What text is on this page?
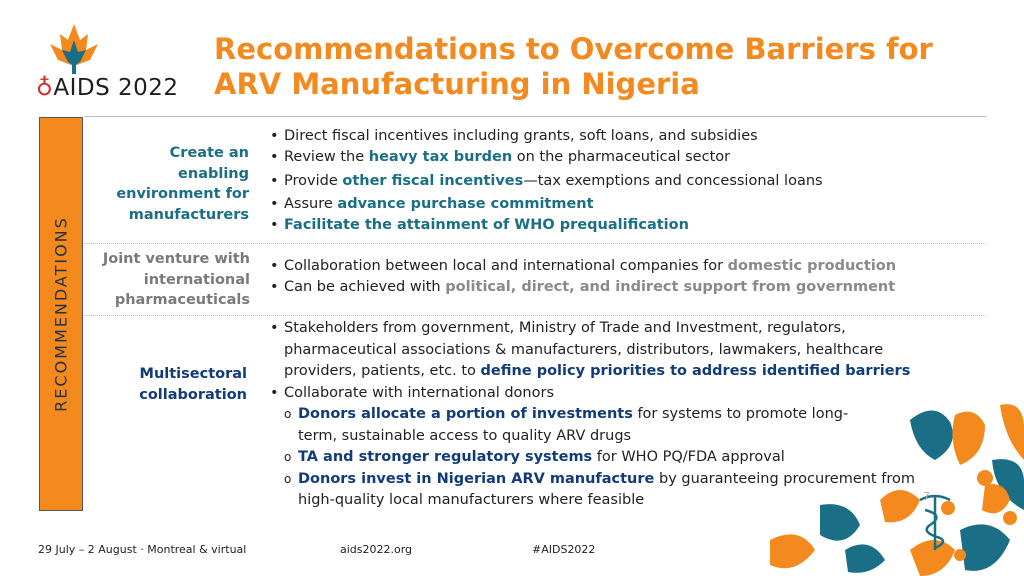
♁AIDS 2022
Recommendations to Overcome Barriers for ARV Manufacturing in Nigeria
RECOMMENDATIONS
Create an enabling environment for manufacturers
• Direct fiscal incentives including grants, soft loans, and subsidies
• Review the heavy tax burden on the pharmaceutical sector
• Provide other fiscal incentives—tax exemptions and concessional loans
• Assure advance purchase commitment
• Facilitate the attainment of WHO prequalification
Joint venture with international pharmaceuticals
• Collaboration between local and international companies for domestic production
• Can be achieved with political, direct, and indirect support from government
Multisectoral collaboration
• Stakeholders from government, Ministry of Trade and Investment, regulators, pharmaceutical associations & manufacturers, distributors, lawmakers, healthcare providers, patients, etc. to define policy priorities to address identified barriers
• Collaborate with international donors
o Donors allocate a portion of investments for systems to promote long-term, sustainable access to quality ARV drugs
o TA and stronger regulatory systems for WHO PQ/FDA approval
o Donors invest in Nigerian ARV manufacture by guaranteeing procurement from high-quality local manufacturers where feasible	7
29 July – 2 August · Montreal & virtual	aids2022.org	#AIDS2022
